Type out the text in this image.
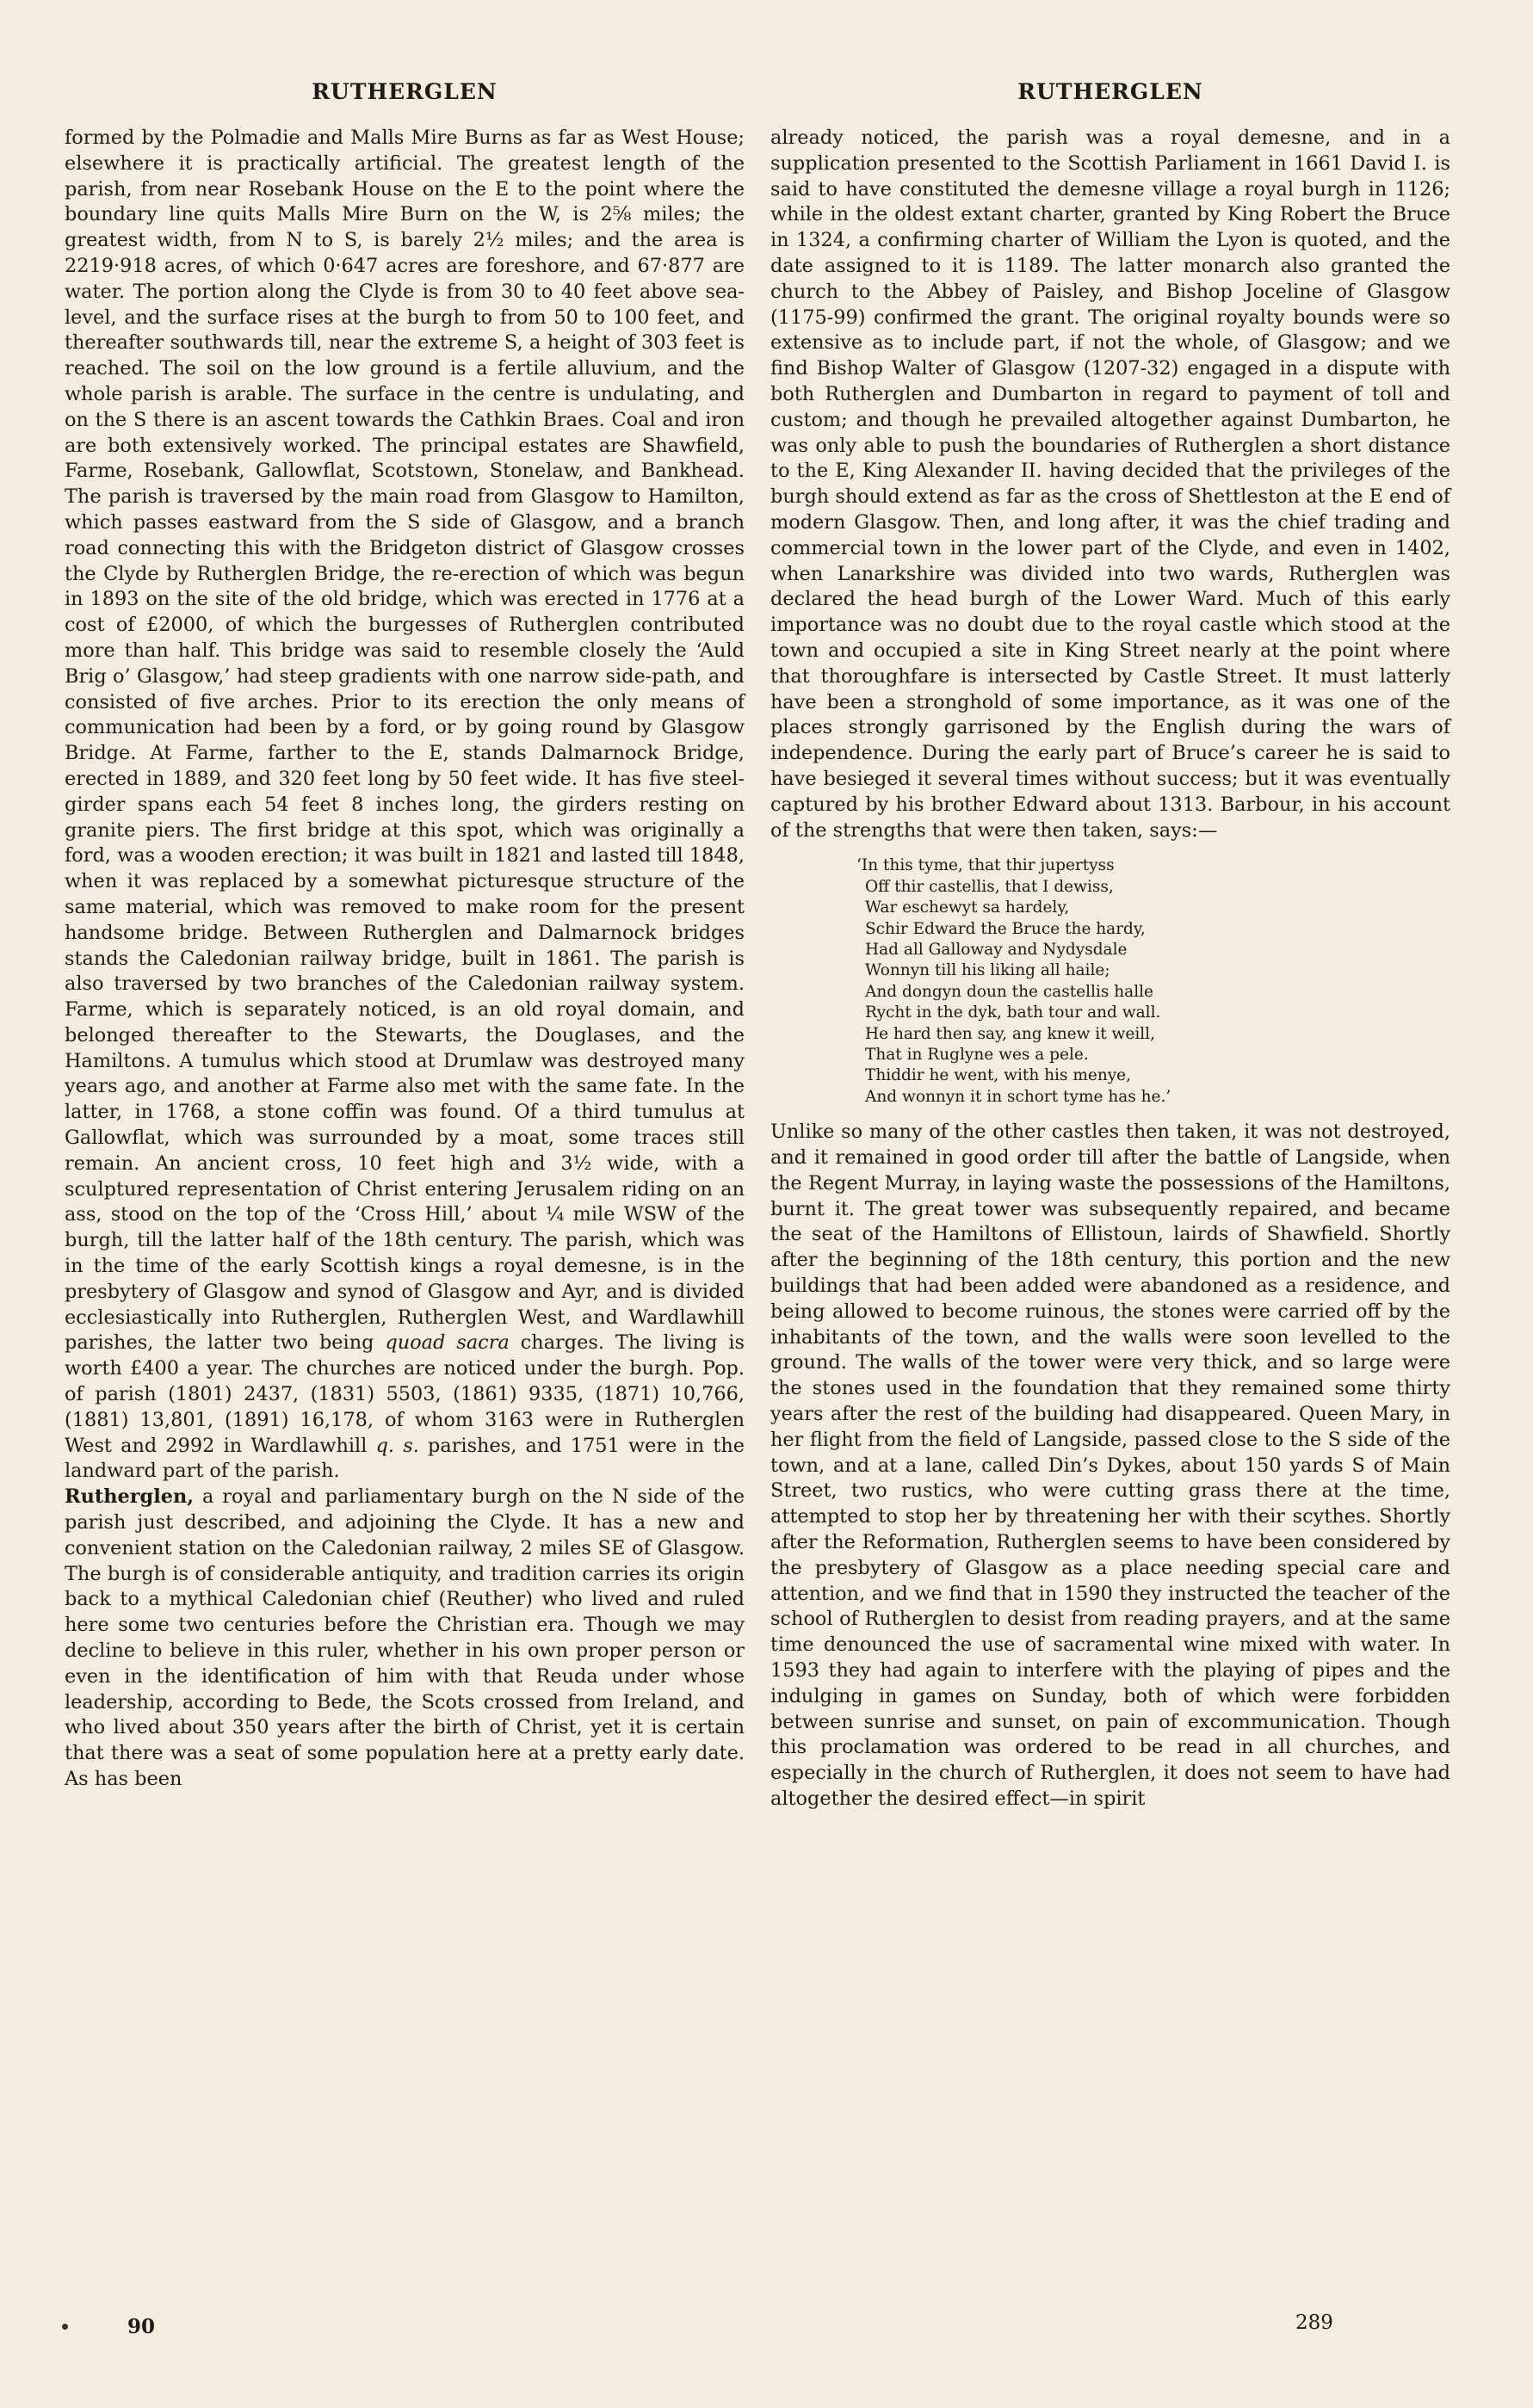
RUTHERGLEN	RUTHERGLEN

formed by the Polmadie and Malls Mire Burns as far as West House; elsewhere it is practically artificial. The greatest length of the parish, from near Rosebank House on the E to the point where the boundary line quits Malls Mire Burn on the W, is 2⅝ miles; the greatest width, from N to S, is barely 2½ miles; and the area is 2219·918 acres, of which 0·647 acres are foreshore, and 67·877 are water. The portion along the Clyde is from 30 to 40 feet above sea-level, and the surface rises at the burgh to from 50 to 100 feet, and thereafter southwards till, near the extreme S, a height of 303 feet is reached. The soil on the low ground is a fertile alluvium, and the whole parish is arable. The surface in the centre is undulating, and on the S there is an ascent towards the Cathkin Braes. Coal and iron are both extensively worked. The principal estates are Shawfield, Farme, Rosebank, Gallowflat, Scotstown, Stonelaw, and Bankhead. The parish is traversed by the main road from Glasgow to Hamilton, which passes eastward from the S side of Glasgow, and a branch road connecting this with the Bridgeton district of Glasgow crosses the Clyde by Rutherglen Bridge, the re-erection of which was begun in 1893 on the site of the old bridge, which was erected in 1776 at a cost of £2000, of which the burgesses of Rutherglen contributed more than half. This bridge was said to resemble closely the ‘Auld Brig o’ Glasgow,’ had steep gradients with one narrow side-path, and consisted of five arches. Prior to its erection the only means of communication had been by a ford, or by going round by Glasgow Bridge. At Farme, farther to the E, stands Dalmarnock Bridge, erected in 1889, and 320 feet long by 50 feet wide. It has five steel-girder spans each 54 feet 8 inches long, the girders resting on granite piers. The first bridge at this spot, which was originally a ford, was a wooden erection; it was built in 1821 and lasted till 1848, when it was replaced by a somewhat picturesque structure of the same material, which was removed to make room for the present handsome bridge. Between Rutherglen and Dalmarnock bridges stands the Caledonian railway bridge, built in 1861. The parish is also traversed by two branches of the Caledonian railway system. Farme, which is separately noticed, is an old royal domain, and belonged thereafter to the Stewarts, the Douglases, and the Hamiltons. A tumulus which stood at Drumlaw was destroyed many years ago, and another at Farme also met with the same fate. In the latter, in 1768, a stone coffin was found. Of a third tumulus at Gallowflat, which was surrounded by a moat, some traces still remain. An ancient cross, 10 feet high and 3½ wide, with a sculptured representation of Christ entering Jerusalem riding on an ass, stood on the top of the ‘Cross Hill,’ about ¼ mile WSW of the burgh, till the latter half of the 18th century. The parish, which was in the time of the early Scottish kings a royal demesne, is in the presbytery of Glasgow and synod of Glasgow and Ayr, and is divided ecclesiastically into Rutherglen, Rutherglen West, and Wardlawhill parishes, the latter two being quoad sacra charges. The living is worth £400 a year. The churches are noticed under the burgh. Pop. of parish (1801) 2437, (1831) 5503, (1861) 9335, (1871) 10,766, (1881) 13,801, (1891) 16,178, of whom 3163 were in Rutherglen West and 2992 in Wardlawhill q. s. parishes, and 1751 were in the landward part of the parish.

Rutherglen, a royal and parliamentary burgh on the N side of the parish just described, and adjoining the Clyde. It has a new and convenient station on the Caledonian railway, 2 miles SE of Glasgow. The burgh is of considerable antiquity, and tradition carries its origin back to a mythical Caledonian chief (Reuther) who lived and ruled here some two centuries before the Christian era. Though we may decline to believe in this ruler, whether in his own proper person or even in the identification of him with that Reuda under whose leadership, according to Bede, the Scots crossed from Ireland, and who lived about 350 years after the birth of Christ, yet it is certain that there was a seat of some population here at a pretty early date. As has been

already noticed, the parish was a royal demesne, and in a supplication presented to the Scottish Parliament in 1661 David I. is said to have constituted the demesne village a royal burgh in 1126; while in the oldest extant charter, granted by King Robert the Bruce in 1324, a confirming charter of William the Lyon is quoted, and the date assigned to it is 1189. The latter monarch also granted the church to the Abbey of Paisley, and Bishop Joceline of Glasgow (1175-99) confirmed the grant. The original royalty bounds were so extensive as to include part, if not the whole, of Glasgow; and we find Bishop Walter of Glasgow (1207-32) engaged in a dispute with both Rutherglen and Dumbarton in regard to payment of toll and custom; and though he prevailed altogether against Dumbarton, he was only able to push the boundaries of Rutherglen a short distance to the E, King Alexander II. having decided that the privileges of the burgh should extend as far as the cross of Shettleston at the E end of modern Glasgow. Then, and long after, it was the chief trading and commercial town in the lower part of the Clyde, and even in 1402, when Lanarkshire was divided into two wards, Rutherglen was declared the head burgh of the Lower Ward. Much of this early importance was no doubt due to the royal castle which stood at the town and occupied a site in King Street nearly at the point where that thoroughfare is intersected by Castle Street. It must latterly have been a stronghold of some importance, as it was one of the places strongly garrisoned by the English during the wars of independence. During the early part of Bruce’s career he is said to have besieged it several times without success; but it was eventually captured by his brother Edward about 1313. Barbour, in his account of the strengths that were then taken, says:—

‘In this tyme, that thir jupertyss
Off thir castellis, that I dewiss,
War eschewyt sa hardely,
Schir Edward the Bruce the hardy,
Had all Galloway and Nydysdale
Wonnyn till his liking all haile;
And dongyn doun the castellis halle
Rycht in the dyk, bath tour and wall.
He hard then say, ang knew it weill,
That in Ruglyne wes a pele.
Thiddir he went, with his menye,
And wonnyn it in schort tyme has he.’

Unlike so many of the other castles then taken, it was not destroyed, and it remained in good order till after the battle of Langside, when the Regent Murray, in laying waste the possessions of the Hamiltons, burnt it. The great tower was subsequently repaired, and became the seat of the Hamiltons of Ellistoun, lairds of Shawfield. Shortly after the beginning of the 18th century, this portion and the new buildings that had been added were abandoned as a residence, and being allowed to become ruinous, the stones were carried off by the inhabitants of the town, and the walls were soon levelled to the ground. The walls of the tower were very thick, and so large were the stones used in the foundation that they remained some thirty years after the rest of the building had disappeared. Queen Mary, in her flight from the field of Langside, passed close to the S side of the town, and at a lane, called Din’s Dykes, about 150 yards S of Main Street, two rustics, who were cutting grass there at the time, attempted to stop her by threatening her with their scythes. Shortly after the Reformation, Rutherglen seems to have been considered by the presbytery of Glasgow as a place needing special care and attention, and we find that in 1590 they instructed the teacher of the school of Rutherglen to desist from reading prayers, and at the same time denounced the use of sacramental wine mixed with water. In 1593 they had again to interfere with the playing of pipes and the indulging in games on Sunday, both of which were forbidden between sunrise and sunset, on pain of excommunication. Though this proclamation was ordered to be read in all churches, and especially in the church of Rutherglen, it does not seem to have had altogether the desired effect—in spirit

90	289
